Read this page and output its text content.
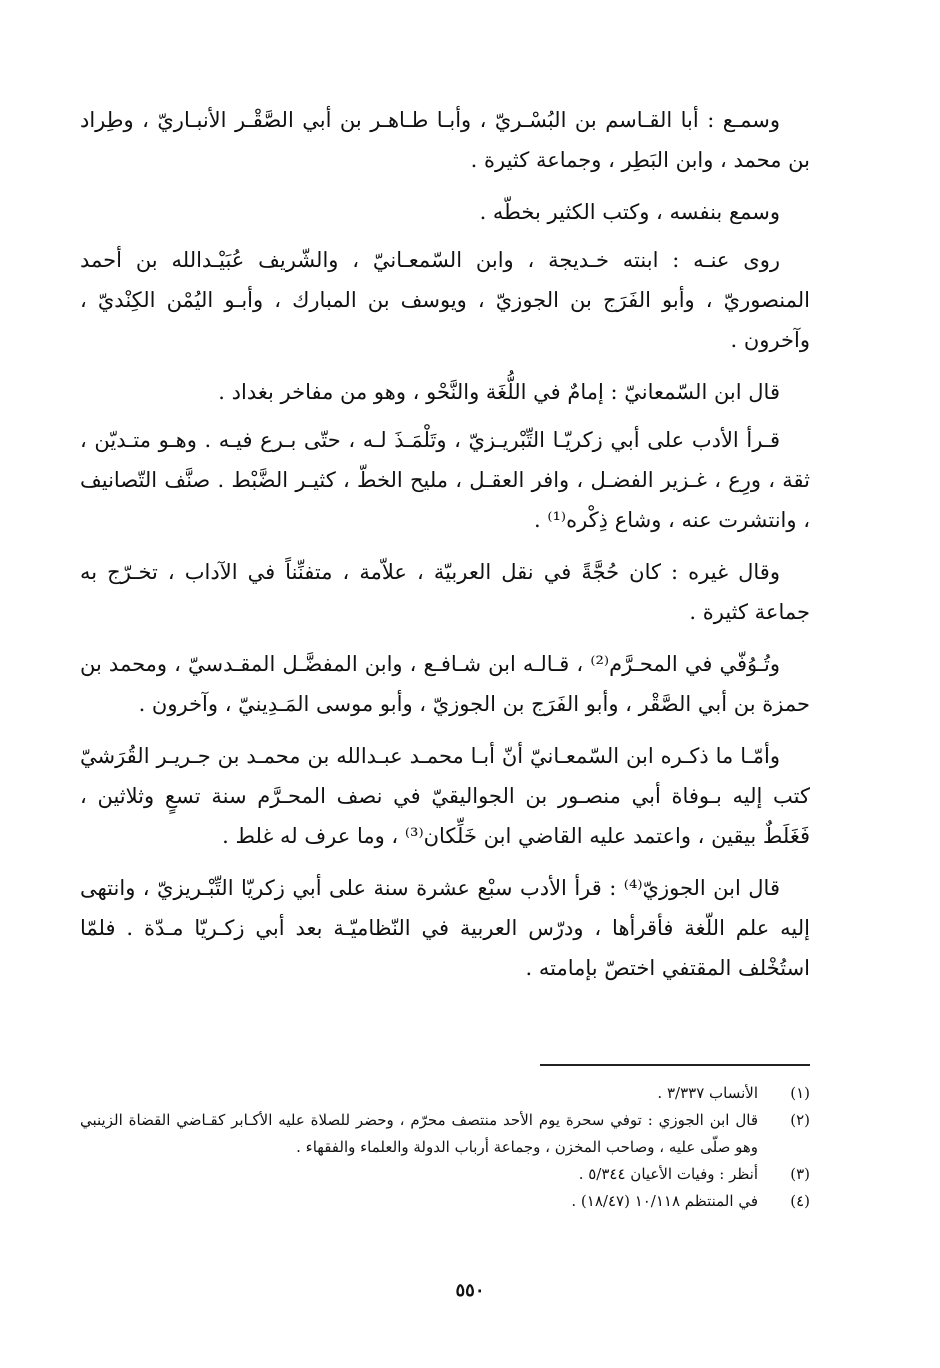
وسمـع : أبا القـاسم بن البُسْـريّ ، وأبـا طـاهـر بن أبي الصَّقْـر الأنبـاريّ ، وطِراد بن محمد ، وابن البَطِر ، وجماعة كثيرة .

وسمع بنفسه ، وكتب الكثير بخطّه .

روى عنـه : ابنته خـديجة ، وابن السّمعـانيّ ، والشّريف عُبَيْـدالله بن أحمد المنصوريّ ، وأبو الفَرَج بن الجوزيّ ، ويوسف بن المبارك ، وأبـو اليُمْن الكِنْديّ ، وآخرون .

قال ابن السّمعانيّ : إمامٌ في اللُّغَة والنَّحْو ، وهو من مفاخر بغداد .

قـرأ الأدب على أبي زكريّـا التِّبْريـزيّ ، وتَلْمَـذَ لـه ، حتّى بـرع فيـه . وهـو متـديّن ، ثقة ، ورِع ، غـزير الفضـل ، وافر العقـل ، مليح الخطّ ، كثيـر الضَّبْط . صنَّف التّصانيف ، وانتشرت عنه ، وشاع ذِكْره⁽¹⁾ .

وقال غيره : كان حُجَّةً في نقل العربيّة ، علاّمة ، متفنِّناً في الآداب ، تخـرّج به جماعة كثيرة .

وتُـوُفّي في المحـرَّم⁽²⁾ ، قـالـه ابن شـافـع ، وابن المفضَّـل المقـدسيّ ، ومحمد بن حمزة بن أبي الصَّقْر ، وأبو الفَرَج بن الجوزيّ ، وأبو موسى المَـدِينيّ ، وآخرون .

وأمّـا ما ذكـره ابن السّمعـانيّ أنّ أبـا محمـد عبـدالله بن محمـد بن جـريـر القُرَشيّ كتب إليه بـوفاة أبي منصـور بن الجواليقيّ في نصف المحـرَّم سنة تسعٍ وثلاثين ، فَغَلَطٌ بيقين ، واعتمد عليه القاضي ابن خَلِّكان⁽³⁾ ، وما عرف له غلط .

قال ابن الجوزيّ⁽⁴⁾ : قرأ الأدب سبْع عشرة سنة على أبي زكريّا التِّبْـريزيّ ، وانتهى إليه علم اللّغة فأقرأها ، ودرّس العربية في النّظاميّـة بعد أبي زكـريّا مـدّة . فلمّا استُخْلف المقتفي اختصّ بإمامته .

(١)
الأنساب ٣/٣٣٧ .
(٢)
قال ابن الجوزي : توفي سحرة يوم الأحد منتصف محرّم ، وحضر للصلاة عليه الأكـابر كقـاضي القضاة الزينبي وهو صلّى عليه ، وصاحب المخزن ، وجماعة أرباب الدولة والعلماء والفقهاء .
(٣)
أنظر : وفيات الأعيان ٥/٣٤٤ .
(٤)
في المنتظم ١٠/١١٨ (١٨/٤٧) .
٥٥٠
